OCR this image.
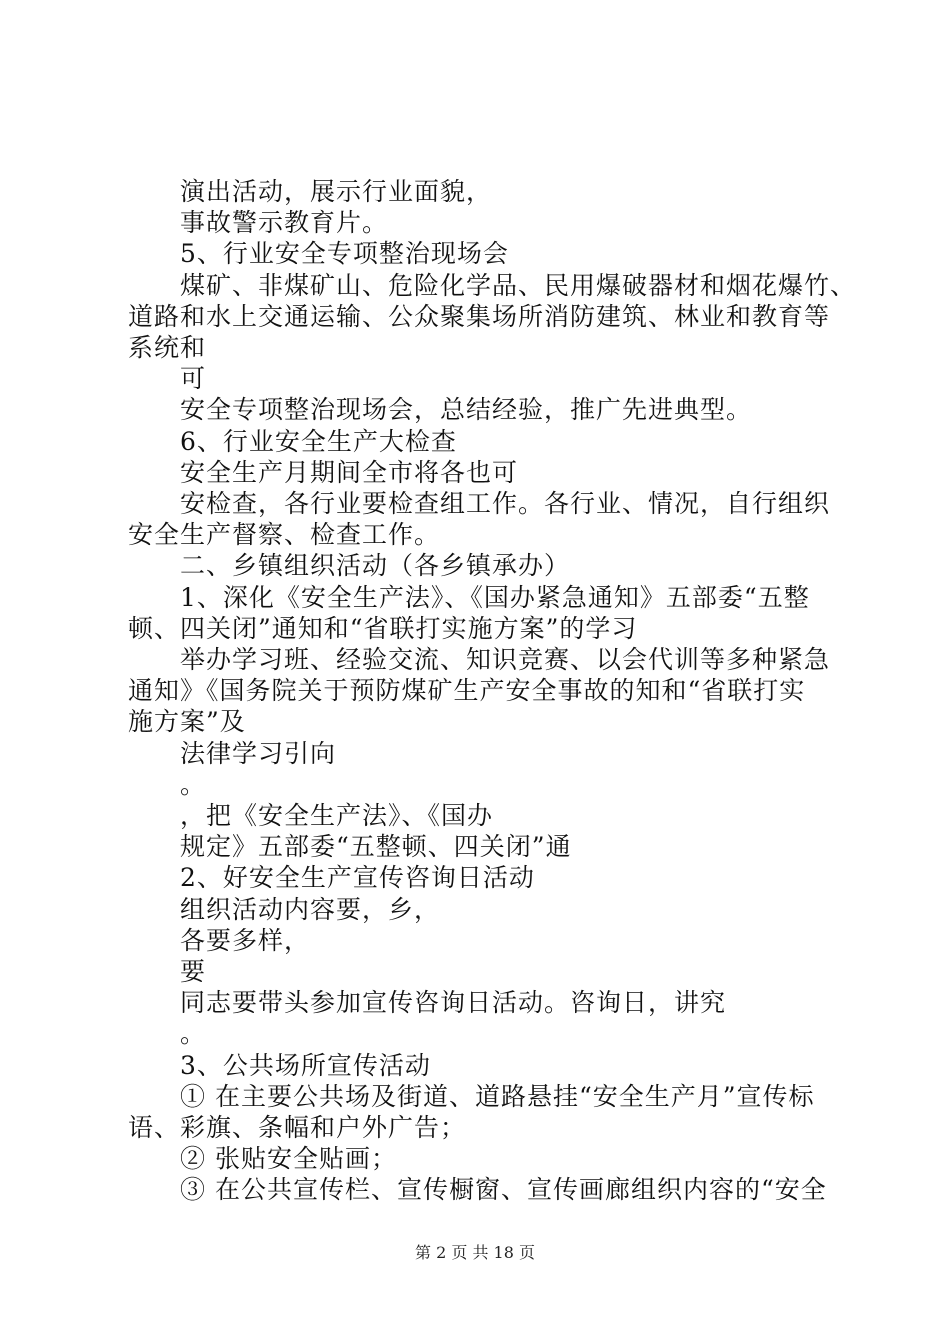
演出活动，展示行业面貌，
事故警示教育片。
5、行业安全专项整治现场会
煤矿、非煤矿山、危险化学品、民用爆破器材和烟花爆竹、
道路和水上交通运输、公众聚集场所消防建筑、林业和教育等
系统和
可
安全专项整治现场会，总结经验，推广先进典型。
6、行业安全生产大检查
安全生产月期间全市将各也可
安检查，各行业要检查组工作。各行业、情况，自行组织
安全生产督察、检查工作。
二、乡镇组织活动（各乡镇承办）
1、深化《安全生产法》、《国办紧急通知》五部委“五整
顿、四关闭”通知和“省联打实施方案”的学习
举办学习班、经验交流、知识竞赛、以会代训等多种紧急
通知》《国务院关于预防煤矿生产安全事故的知和“省联打实
施方案”及
法律学习引向
。
，把《安全生产法》、《国办
规定》五部委“五整顿、四关闭”通
2、好安全生产宣传咨询日活动
组织活动内容要，乡，
各要多样，
要
同志要带头参加宣传咨询日活动。咨询日，讲究
。
3、公共场所宣传活动
① 在主要公共场及街道、道路悬挂“安全生产月”宣传标
语、彩旗、条幅和户外广告；
② 张贴安全贴画；
③ 在公共宣传栏、宣传橱窗、宣传画廊组织内容的“安全
第 2 页 共 18 页
